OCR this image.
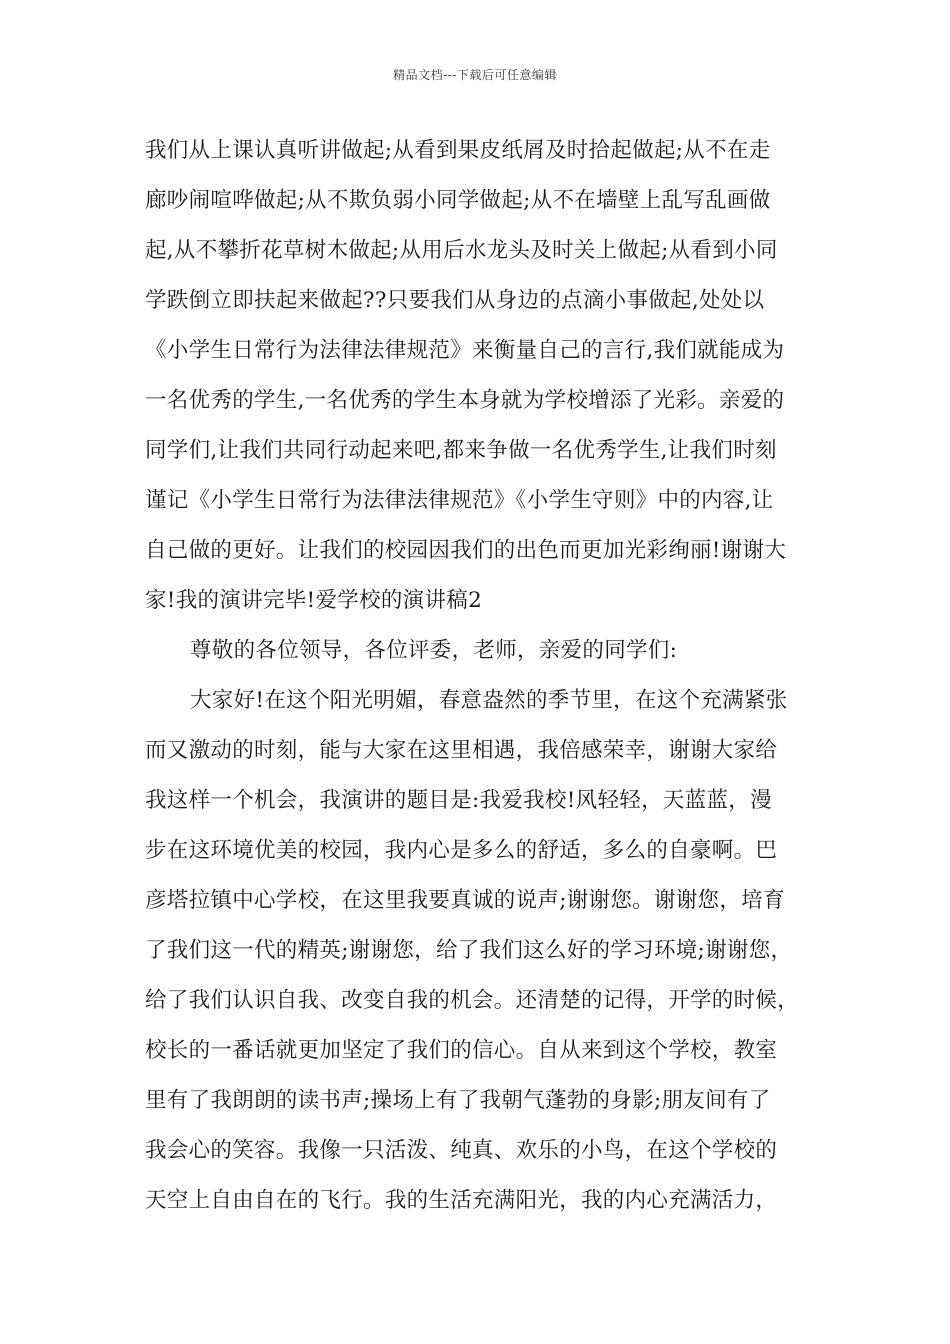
精品文档---下载后可任意编辑
我们从上课认真听讲做起;从看到果皮纸屑及时拾起做起;从不在走
廊吵闹喧哗做起;从不欺负弱小同学做起;从不在墙壁上乱写乱画做
起,从不攀折花草树木做起;从用后水龙头及时关上做起;从看到小同
学跌倒立即扶起来做起??只要我们从身边的点滴小事做起,处处以
《小学生日常行为法律法律规范》来衡量自己的言行,我们就能成为
一名优秀的学生,一名优秀的学生本身就为学校增添了光彩。亲爱的
同学们,让我们共同行动起来吧,都来争做一名优秀学生,让我们时刻
谨记《小学生日常行为法律法律规范》《小学生守则》中的内容,让
自己做的更好。让我们的校园因我们的出色而更加光彩绚丽!谢谢大
家!我的演讲完毕!爱学校的演讲稿2
尊敬的各位领导，各位评委，老师，亲爱的同学们:
大家好!在这个阳光明媚，春意盎然的季节里，在这个充满紧张
而又激动的时刻，能与大家在这里相遇，我倍感荣幸，谢谢大家给
我这样一个机会，我演讲的题目是:我爱我校!风轻轻，天蓝蓝，漫
步在这环境优美的校园，我内心是多么的舒适，多么的自豪啊。巴
彦塔拉镇中心学校，在这里我要真诚的说声;谢谢您。谢谢您，培育
了我们这一代的精英;谢谢您，给了我们这么好的学习环境;谢谢您，
给了我们认识自我、改变自我的机会。还清楚的记得，开学的时候，
校长的一番话就更加坚定了我们的信心。自从来到这个学校，教室
里有了我朗朗的读书声;操场上有了我朝气蓬勃的身影;朋友间有了
我会心的笑容。我像一只活泼、纯真、欢乐的小鸟，在这个学校的
天空上自由自在的飞行。我的生活充满阳光，我的内心充满活力，
